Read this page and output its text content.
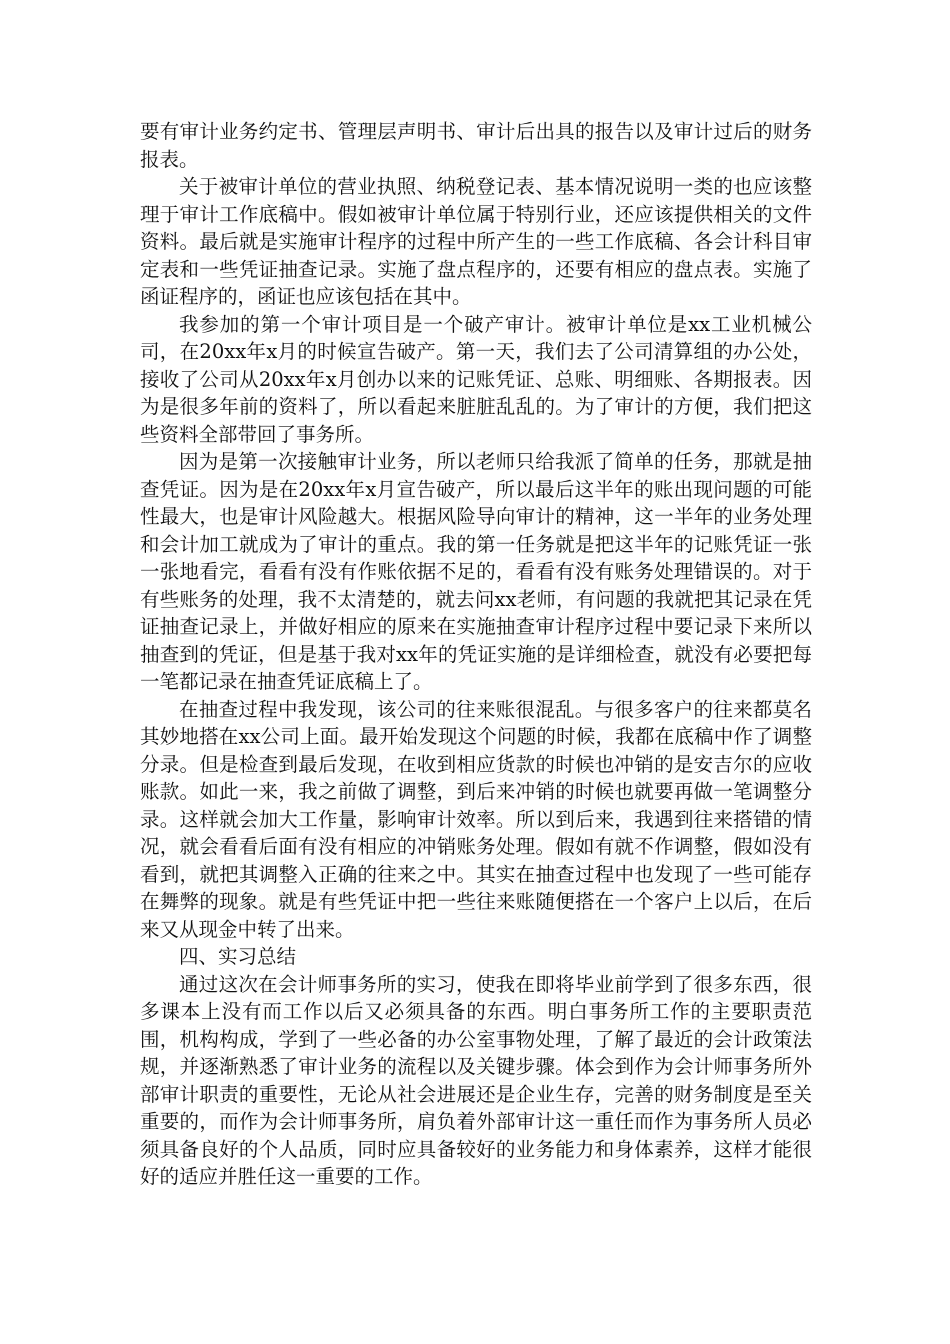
要有审计业务约定书、管理层声明书、审计后出具的报告以及审计过后的财务报表。

关于被审计单位的营业执照、纳税登记表、基本情况说明一类的也应该整理于审计工作底稿中。假如被审计单位属于特别行业，还应该提供相关的文件资料。最后就是实施审计程序的过程中所产生的一些工作底稿、各会计科目审定表和一些凭证抽查记录。实施了盘点程序的，还要有相应的盘点表。实施了函证程序的，函证也应该包括在其中。

我参加的第一个审计项目是一个破产审计。被审计单位是xx工业机械公司，在20xx年x月的时候宣告破产。第一天，我们去了公司清算组的办公处，接收了公司从20xx年x月创办以来的记账凭证、总账、明细账、各期报表。因为是很多年前的资料了，所以看起来脏脏乱乱的。为了审计的方便，我们把这些资料全部带回了事务所。

因为是第一次接触审计业务，所以老师只给我派了简单的任务，那就是抽查凭证。因为是在20xx年x月宣告破产，所以最后这半年的账出现问题的可能性最大，也是审计风险越大。根据风险导向审计的精神，这一半年的业务处理和会计加工就成为了审计的重点。我的第一任务就是把这半年的记账凭证一张一张地看完，看看有没有作账依据不足的，看看有没有账务处理错误的。对于有些账务的处理，我不太清楚的，就去问xx老师，有问题的我就把其记录在凭证抽查记录上，并做好相应的原来在实施抽查审计程序过程中要记录下来所以抽查到的凭证，但是基于我对xx年的凭证实施的是详细检查，就没有必要把每一笔都记录在抽查凭证底稿上了。

在抽查过程中我发现，该公司的往来账很混乱。与很多客户的往来都莫名其妙地搭在xx公司上面。最开始发现这个问题的时候，我都在底稿中作了调整分录。但是检查到最后发现，在收到相应货款的时候也冲销的是安吉尔的应收账款。如此一来，我之前做了调整，到后来冲销的时候也就要再做一笔调整分录。这样就会加大工作量，影响审计效率。所以到后来，我遇到往来搭错的情况，就会看看后面有没有相应的冲销账务处理。假如有就不作调整，假如没有看到，就把其调整入正确的往来之中。其实在抽查过程中也发现了一些可能存在舞弊的现象。就是有些凭证中把一些往来账随便搭在一个客户上以后，在后来又从现金中转了出来。

四、实习总结

通过这次在会计师事务所的实习，使我在即将毕业前学到了很多东西，很多课本上没有而工作以后又必须具备的东西。明白事务所工作的主要职责范围，机构构成，学到了一些必备的办公室事物处理，了解了最近的会计政策法规，并逐渐熟悉了审计业务的流程以及关键步骤。体会到作为会计师事务所外部审计职责的重要性，无论从社会进展还是企业生存，完善的财务制度是至关重要的，而作为会计师事务所，肩负着外部审计这一重任而作为事务所人员必须具备良好的个人品质，同时应具备较好的业务能力和身体素养，这样才能很好的适应并胜任这一重要的工作。
